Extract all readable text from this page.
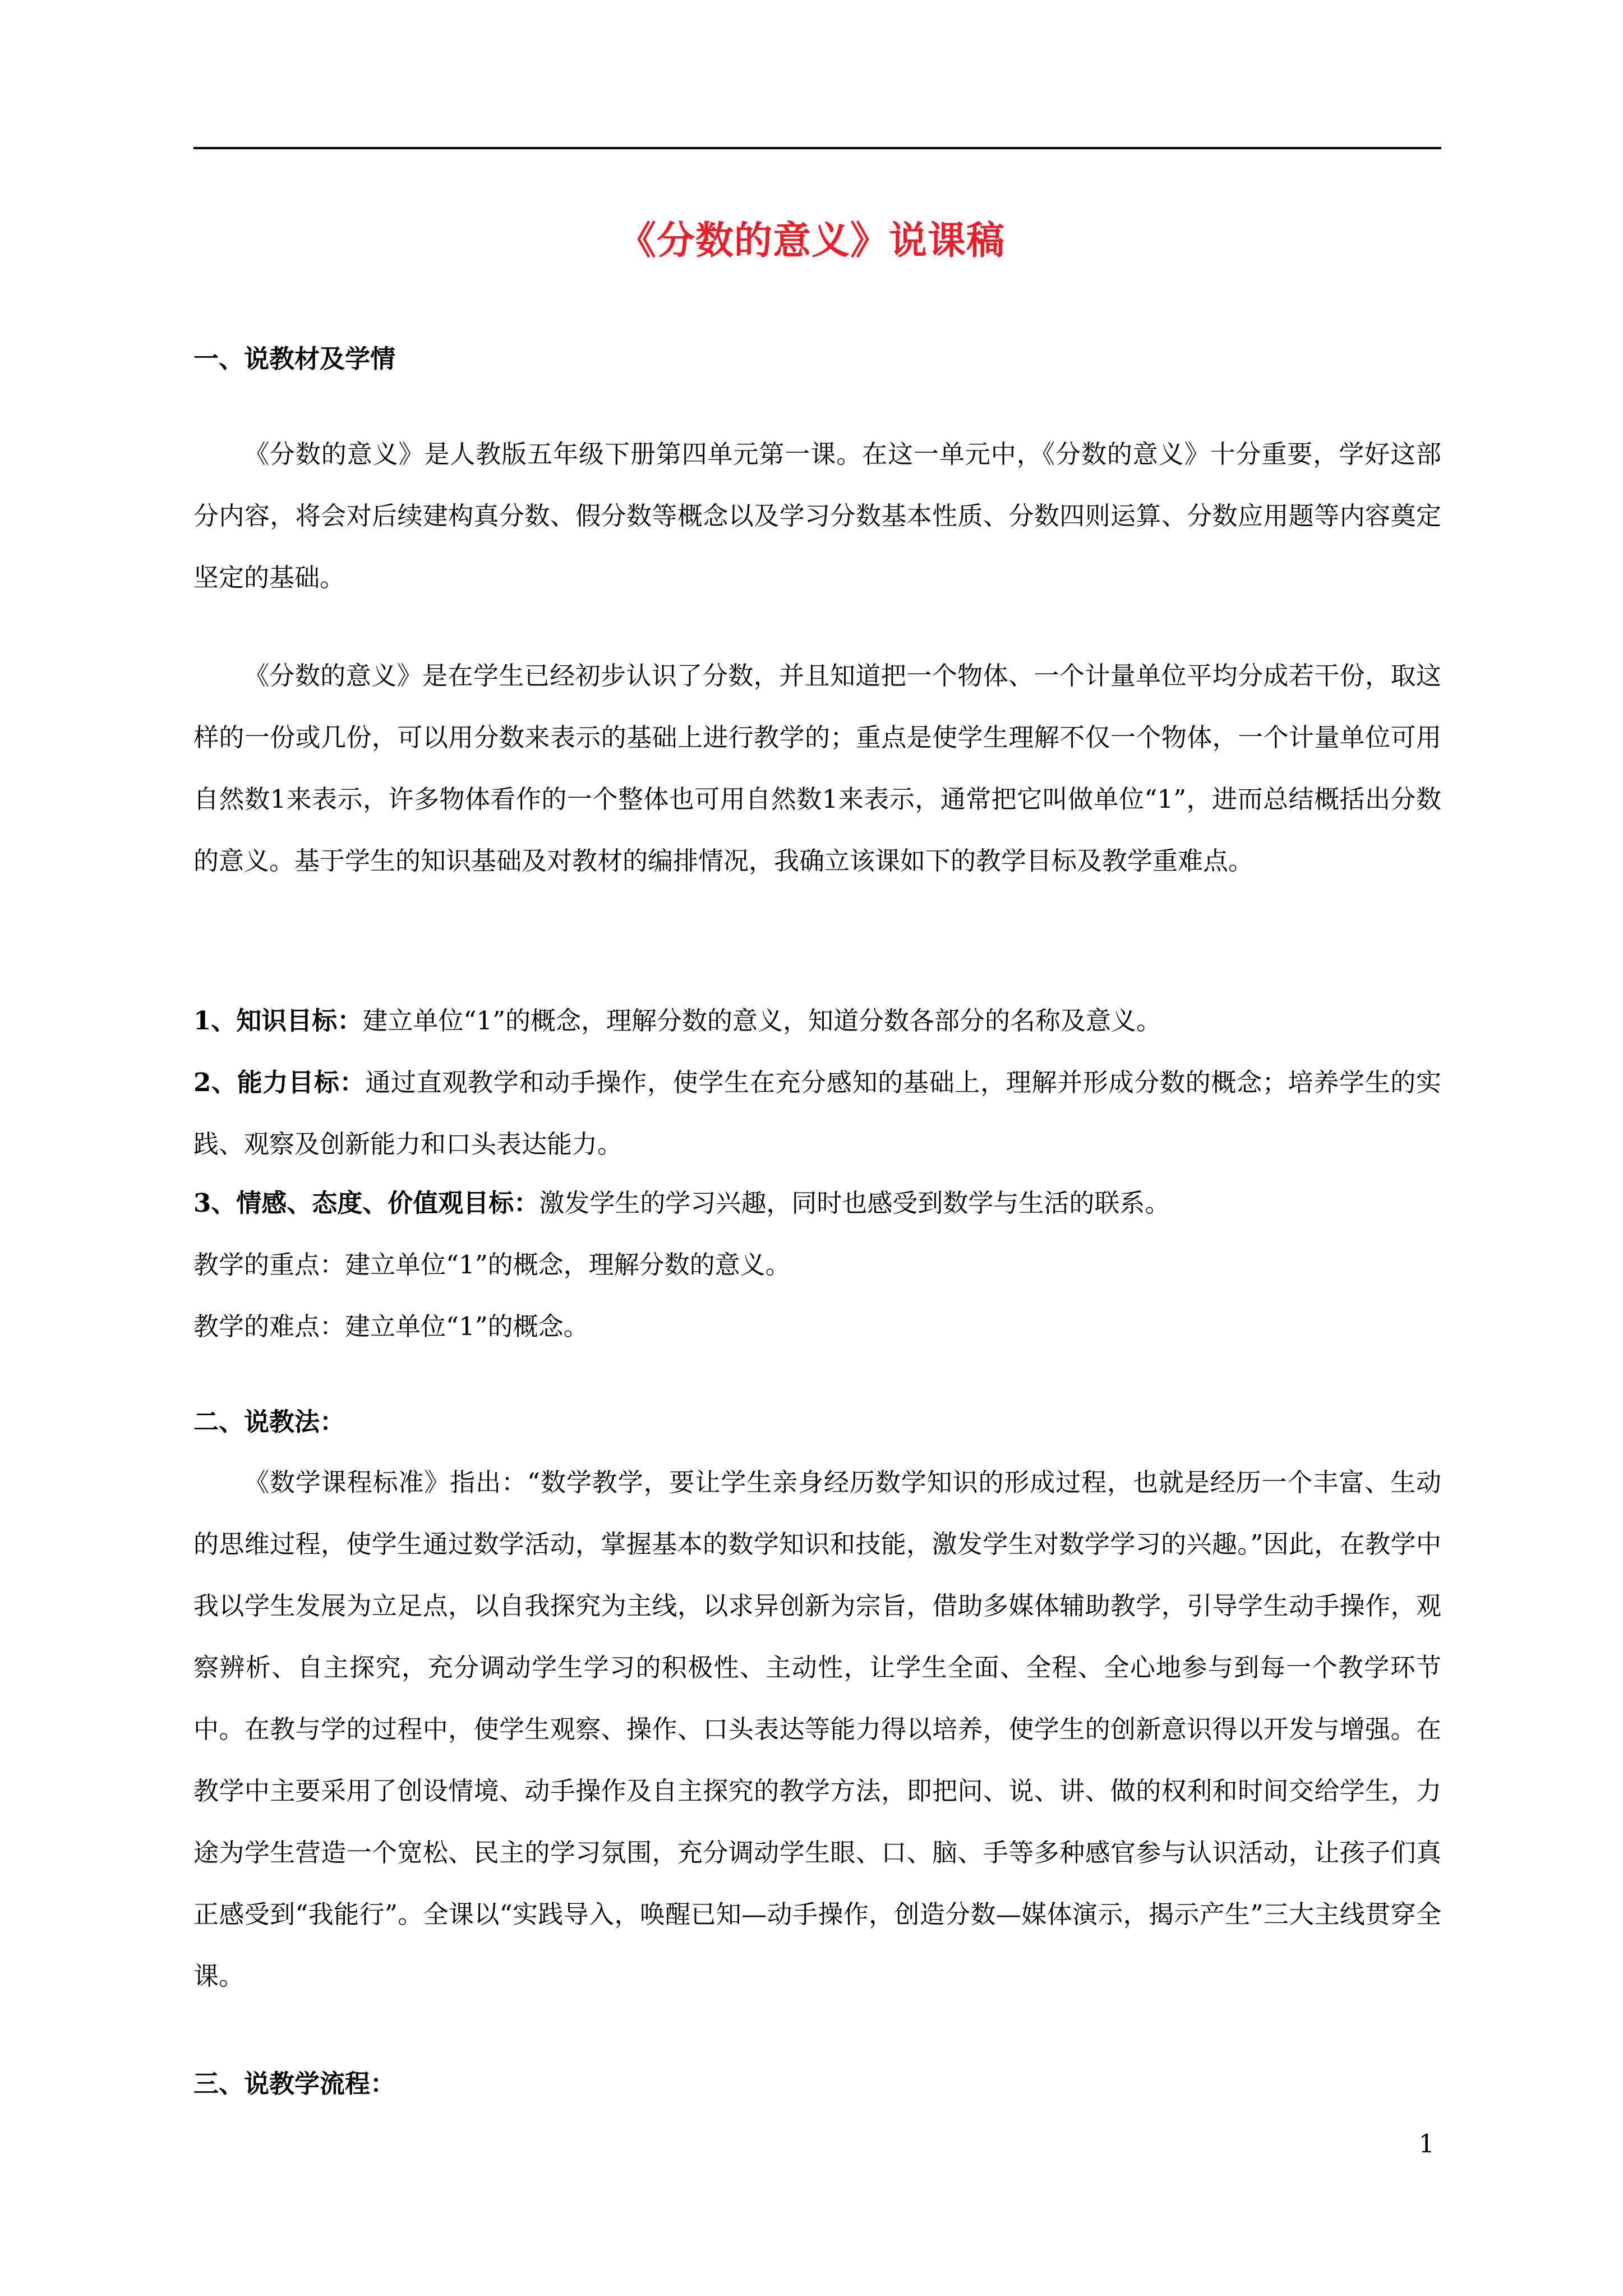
《分数的意义》说课稿

一、说教材及学情

《分数的意义》是人教版五年级下册第四单元第一课。在这一单元中，《分数的意义》十分重要，学好这部分内容，将会对后续建构真分数、假分数等概念以及学习分数基本性质、分数四则运算、分数应用题等内容奠定坚定的基础。

《分数的意义》是在学生已经初步认识了分数，并且知道把一个物体、一个计量单位平均分成若干份，取这样的一份或几份，可以用分数来表示的基础上进行教学的；重点是使学生理解不仅一个物体，一个计量单位可用自然数1来表示，许多物体看作的一个整体也可用自然数1来表示，通常把它叫做单位“1”，进而总结概括出分数的意义。基于学生的知识基础及对教材的编排情况，我确立该课如下的教学目标及教学重难点。

1、知识目标：建立单位“1”的概念，理解分数的意义，知道分数各部分的名称及意义。

2、能力目标：通过直观教学和动手操作，使学生在充分感知的基础上，理解并形成分数的概念；培养学生的实践、观察及创新能力和口头表达能力。

3、情感、态度、价值观目标：激发学生的学习兴趣，同时也感受到数学与生活的联系。

教学的重点：建立单位“1”的概念，理解分数的意义。

教学的难点：建立单位“1”的概念。

二、说教法：

《数学课程标准》指出：“数学教学，要让学生亲身经历数学知识的形成过程，也就是经历一个丰富、生动的思维过程，使学生通过数学活动，掌握基本的数学知识和技能，激发学生对数学学习的兴趣。”因此，在教学中我以学生发展为立足点，以自我探究为主线，以求异创新为宗旨，借助多媒体辅助教学，引导学生动手操作，观察辨析、自主探究，充分调动学生学习的积极性、主动性，让学生全面、全程、全心地参与到每一个教学环节中。在教与学的过程中，使学生观察、操作、口头表达等能力得以培养，使学生的创新意识得以开发与增强。在教学中主要采用了创设情境、动手操作及自主探究的教学方法，即把问、说、讲、做的权利和时间交给学生，力途为学生营造一个宽松、民主的学习氛围，充分调动学生眼、口、脑、手等多种感官参与认识活动，让孩子们真正感受到“我能行”。全课以“实践导入，唤醒已知—动手操作，创造分数—媒体演示，揭示产生”三大主线贯穿全课。

三、说教学流程：

1
